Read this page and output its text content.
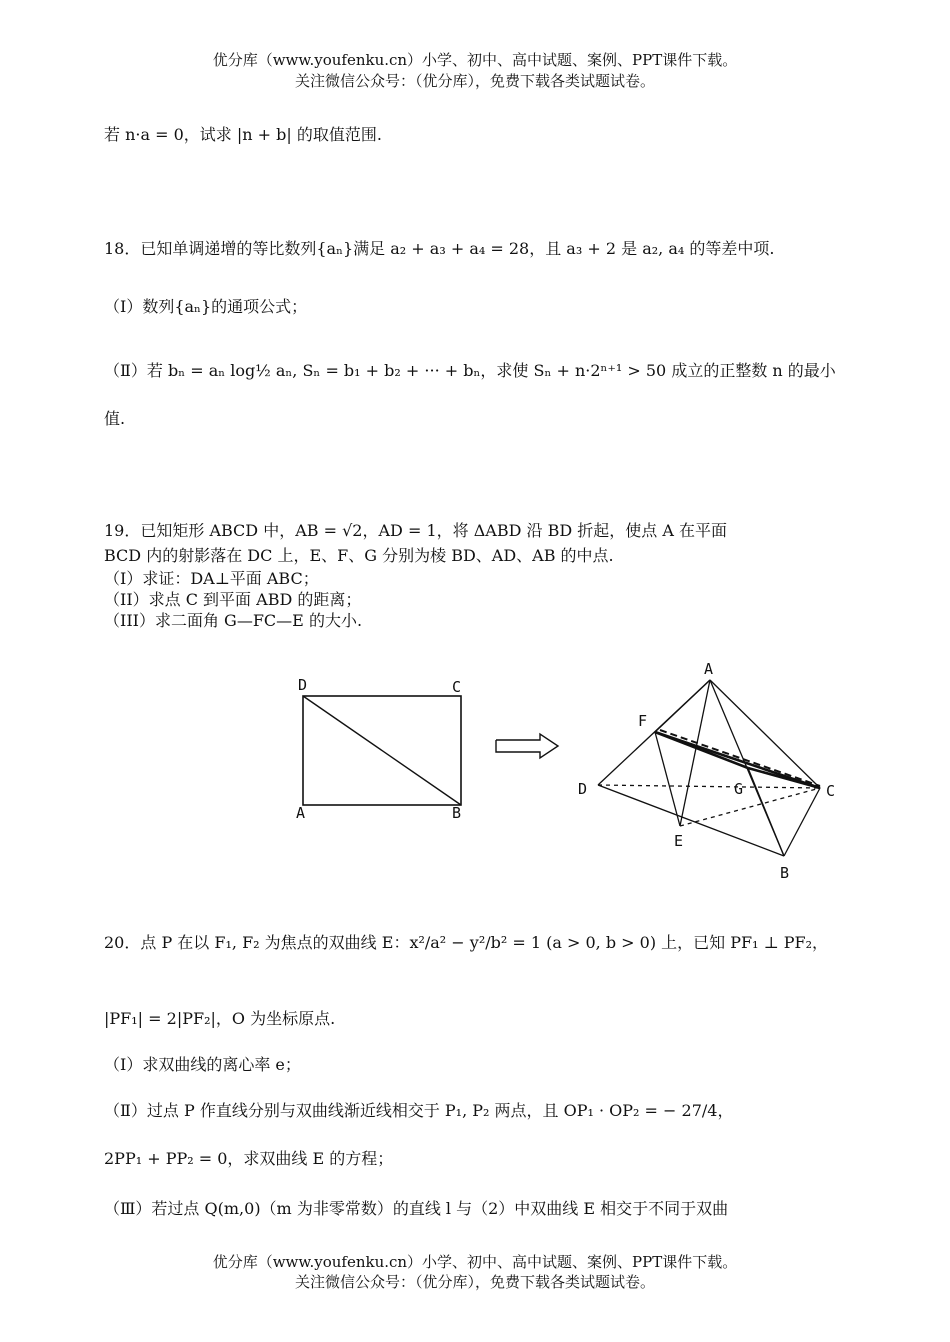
优分库（www.youfenku.cn）小学、初中、高中试题、案例、PPT课件下载。
关注微信公众号：（优分库），免费下载各类试题试卷。
若 n·a = 0，试求 |n + b| 的取值范围.
18．已知单调递增的等比数列{aₙ}满足 a₂ + a₃ + a₄ = 28，且 a₃ + 2 是 a₂, a₄ 的等差中项.
（Ⅰ）数列{aₙ}的通项公式；
（Ⅱ）若 bₙ = aₙ log½ aₙ, Sₙ = b₁ + b₂ + ··· + bₙ，求使 Sₙ + n·2ⁿ⁺¹ > 50 成立的正整数 n 的最小
值.
19．已知矩形 ABCD 中，AB = √2，AD = 1，将 ΔABD 沿 BD 折起，使点 A 在平面
BCD 内的射影落在 DC 上，E、F、G 分别为棱 BD、AD、AB 的中点.
（I）求证：DA⊥平面 ABC；
（II）求点 C 到平面 ABD 的距离；
（III）求二面角 G—FC—E 的大小.
D	C
A	B
A
F
D	G	C
E
B
20．点 P 在以 F₁, F₂ 为焦点的双曲线 E：x²/a² − y²/b² = 1 (a > 0, b > 0) 上，已知 PF₁ ⊥ PF₂，
|PF₁| = 2|PF₂|，O 为坐标原点.
（Ⅰ）求双曲线的离心率 e；
（Ⅱ）过点 P 作直线分别与双曲线渐近线相交于 P₁, P₂ 两点，且 OP₁ · OP₂ = − 27/4，
2PP₁ + PP₂ = 0，求双曲线 E 的方程；
（Ⅲ）若过点 Q(m,0)（m 为非零常数）的直线 l 与（2）中双曲线 E 相交于不同于双曲
优分库（www.youfenku.cn）小学、初中、高中试题、案例、PPT课件下载。
关注微信公众号：（优分库），免费下载各类试题试卷。
